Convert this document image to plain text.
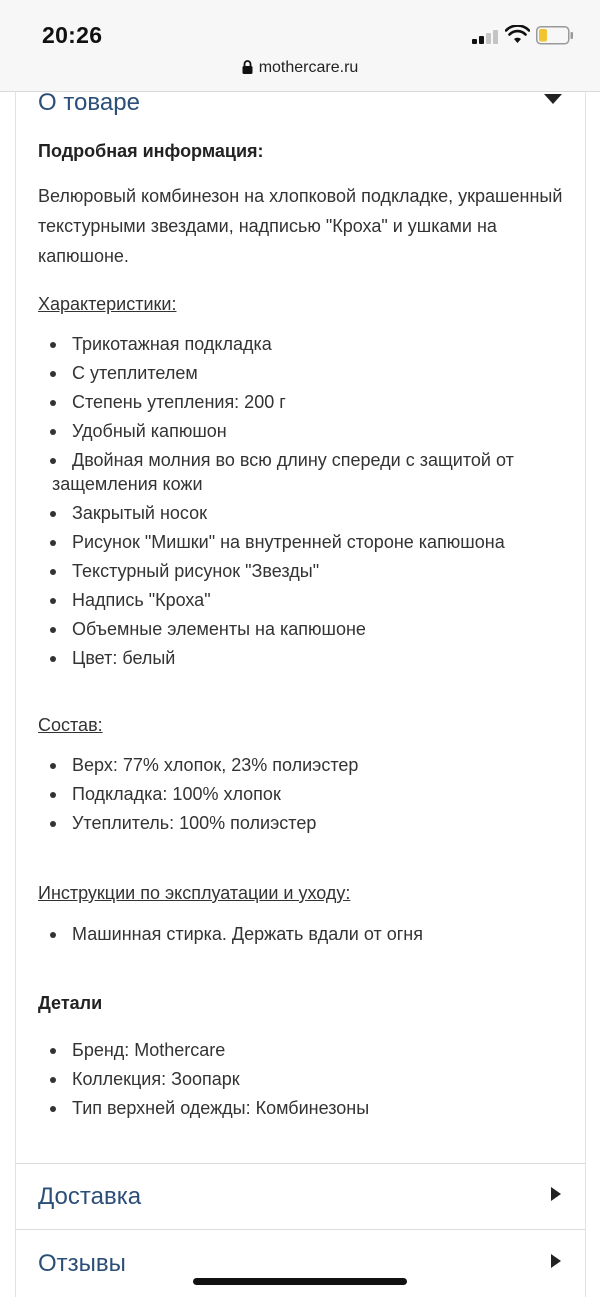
20:26
mothercare.ru
О товаре
Подробная информация:
Велюровый комбинезон на хлопковой подкладке, украшенный текстурными звездами, надписью "Кроха" и ушками на капюшоне.
Характеристики:
Трикотажная подкладка
С утеплителем
Степень утепления: 200 г
Удобный капюшон
Двойная молния во всю длину спереди с защитой от защемления кожи
Закрытый носок
Рисунок "Мишки" на внутренней стороне капюшона
Текстурный рисунок "Звезды"
Надпись "Кроха"
Объемные элементы на капюшоне
Цвет: белый
Состав:
Верх: 77% хлопок, 23% полиэстер
Подкладка: 100% хлопок
Утеплитель: 100% полиэстер
Инструкции по эксплуатации и уходу:
Машинная стирка. Держать вдали от огня
Детали
Бренд: Mothercare
Коллекция: Зоопарк
Тип верхней одежды: Комбинезоны
Доставка
Отзывы
